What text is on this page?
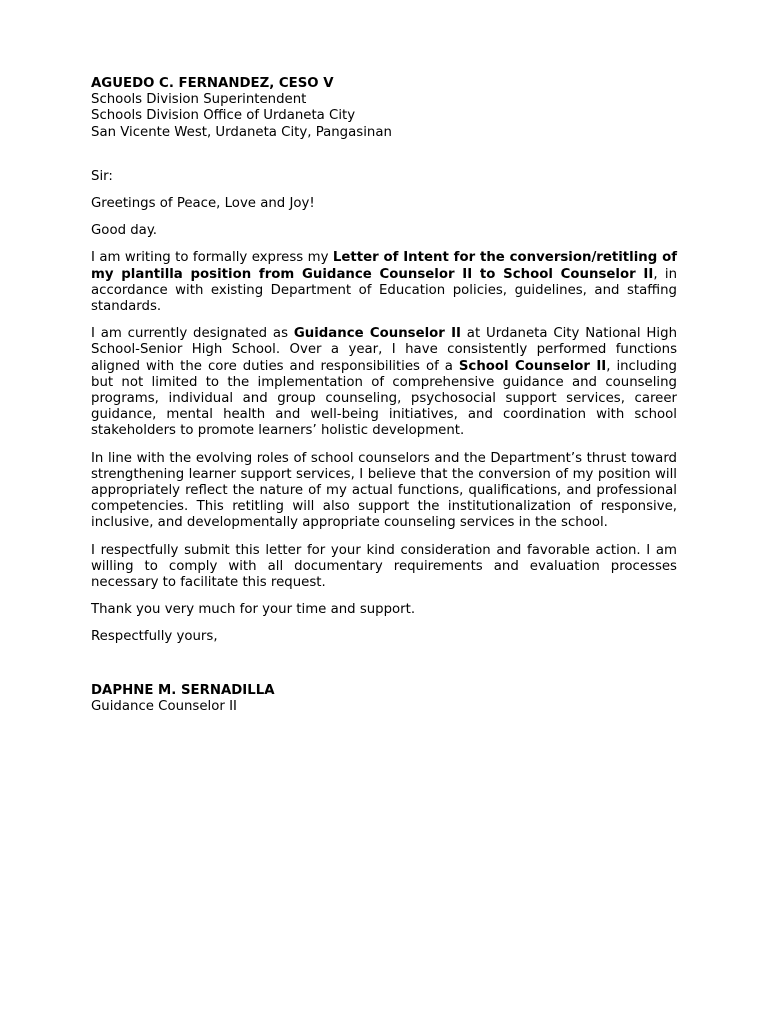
AGUEDO C. FERNANDEZ, CESO V
Schools Division Superintendent
Schools Division Office of Urdaneta City
San Vicente West, Urdaneta City, Pangasinan

Sir:

Greetings of Peace, Love and Joy!

Good day.

I am writing to formally express my Letter of Intent for the conversion/retitling of my plantilla position from Guidance Counselor II to School Counselor II, in accordance with existing Department of Education policies, guidelines, and staffing standards.

I am currently designated as Guidance Counselor II at Urdaneta City National High School-Senior High School. Over a year, I have consistently performed functions aligned with the core duties and responsibilities of a School Counselor II, including but not limited to the implementation of comprehensive guidance and counseling programs, individual and group counseling, psychosocial support services, career guidance, mental health and well-being initiatives, and coordination with school stakeholders to promote learners’ holistic development.

In line with the evolving roles of school counselors and the Department’s thrust toward strengthening learner support services, I believe that the conversion of my position will appropriately reflect the nature of my actual functions, qualifications, and professional competencies. This retitling will also support the institutionalization of responsive, inclusive, and developmentally appropriate counseling services in the school.

I respectfully submit this letter for your kind consideration and favorable action. I am willing to comply with all documentary requirements and evaluation processes necessary to facilitate this request.

Thank you very much for your time and support.

Respectfully yours,

DAPHNE M. SERNADILLA
Guidance Counselor II
